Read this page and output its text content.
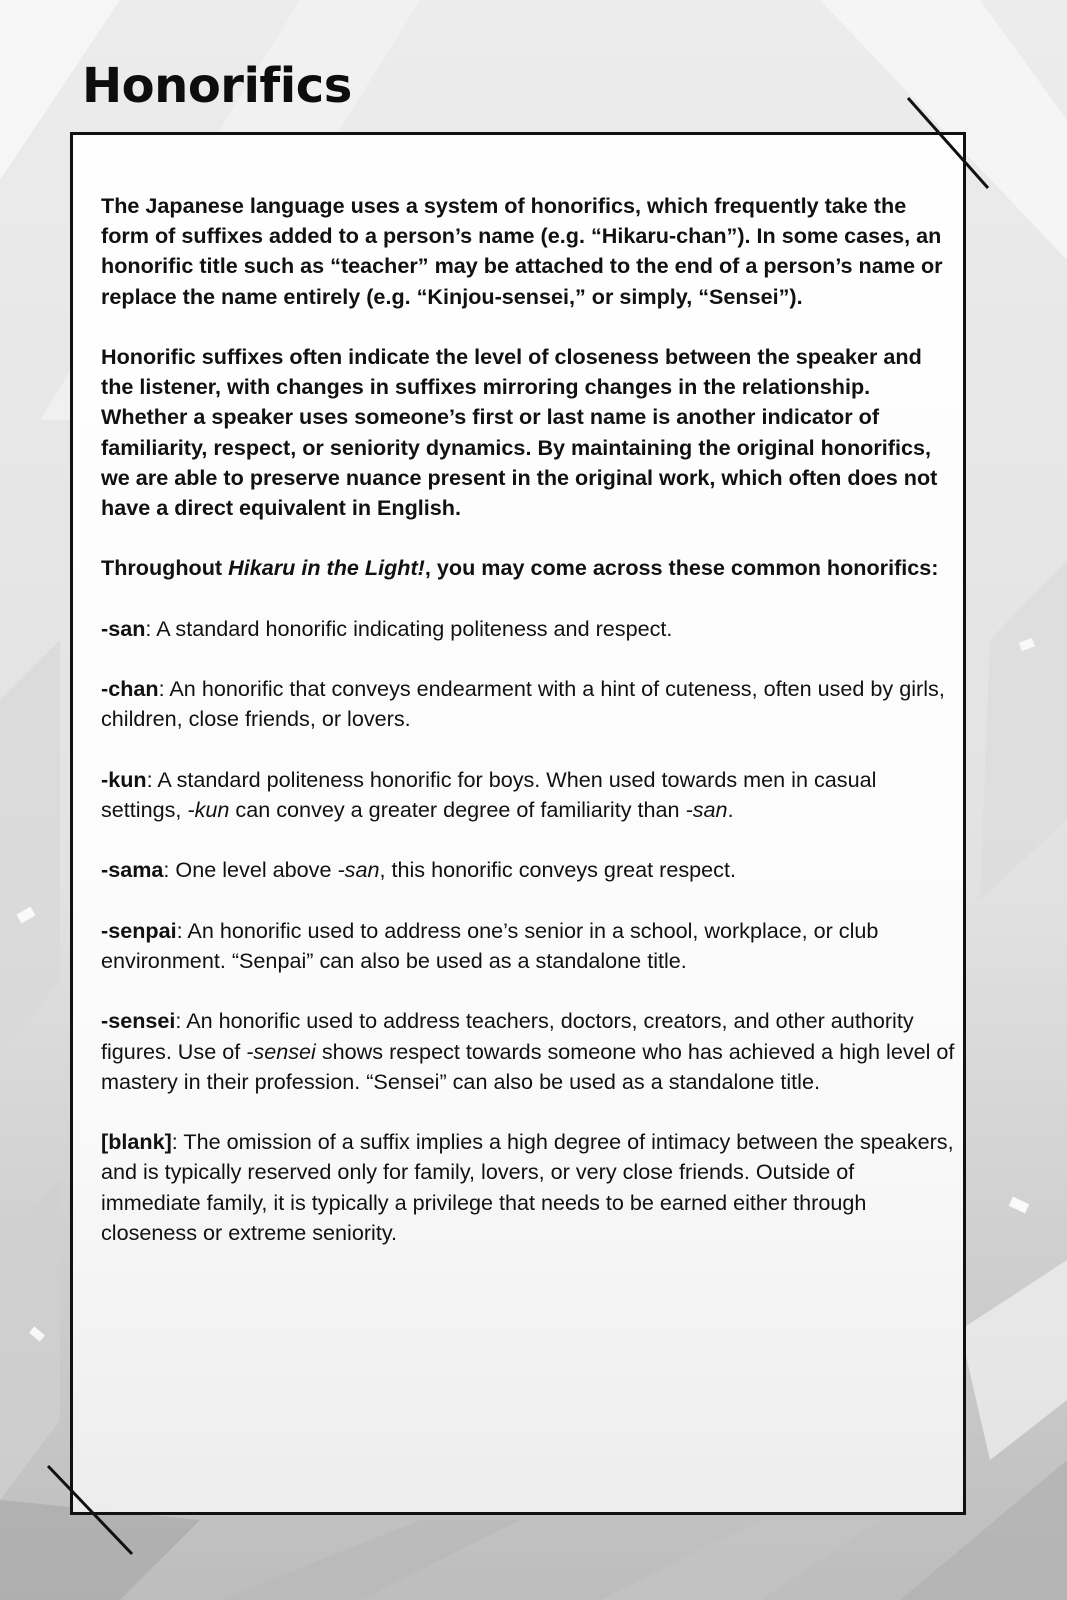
Honorifics

The Japanese language uses a system of honorifics, which frequently take the form of suffixes added to a person’s name (e.g. “Hikaru-chan”). In some cases, an honorific title such as “teacher” may be attached to the end of a person’s name or replace the name entirely (e.g. “Kinjou-sensei,” or simply, “Sensei”).

Honorific suffixes often indicate the level of closeness between the speaker and the listener, with changes in suffixes mirroring changes in the relationship. Whether a speaker uses someone’s first or last name is another indicator of familiarity, respect, or seniority dynamics. By maintaining the original honorifics, we are able to preserve nuance present in the original work, which often does not have a direct equivalent in English.

Throughout Hikaru in the Light!, you may come across these common honorifics:

-san: A standard honorific indicating politeness and respect.

-chan: An honorific that conveys endearment with a hint of cuteness, often used by girls, children, close friends, or lovers.

-kun: A standard politeness honorific for boys. When used towards men in casual settings, -kun can convey a greater degree of familiarity than -san.

-sama: One level above -san, this honorific conveys great respect.

-senpai: An honorific used to address one’s senior in a school, workplace, or club environment. “Senpai” can also be used as a standalone title.

-sensei: An honorific used to address teachers, doctors, creators, and other authority figures. Use of -sensei shows respect towards someone who has achieved a high level of mastery in their profession. “Sensei” can also be used as a standalone title.

[blank]: The omission of a suffix implies a high degree of intimacy between the speakers, and is typically reserved only for family, lovers, or very close friends. Outside of immediate family, it is typically a privilege that needs to be earned either through closeness or extreme seniority.
